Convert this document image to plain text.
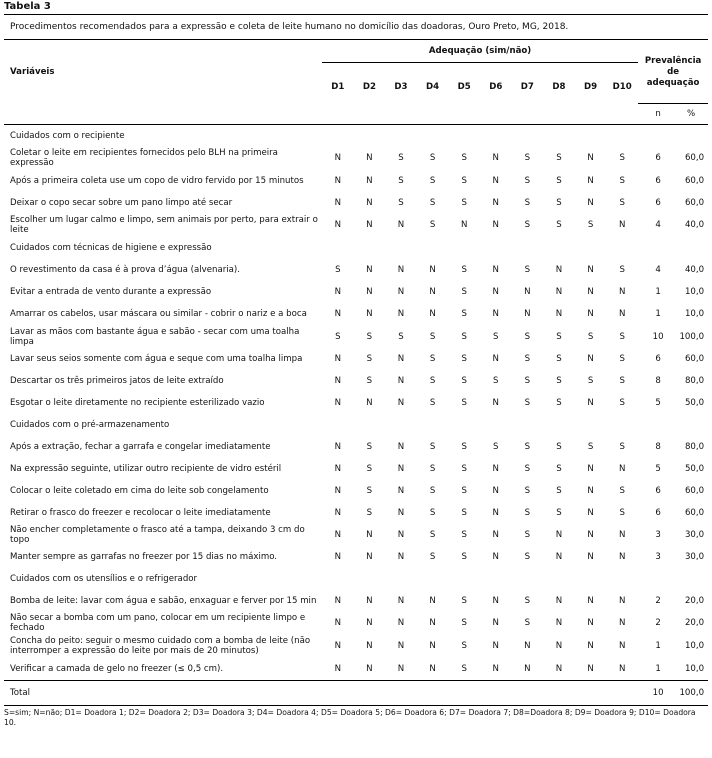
Tabela 3
Procedimentos recomendados para a expressão e coleta de leite humano no domicílio das doadoras, Ouro Preto, MG, 2018.
Variáveis	Adequação (sim/não)										Prevalência
de
adequação	

	D1	D2	D3	D4	D5	D6	D7	D8	D9	D10		
											n	%
Cuidados com o recipiente												
Coletar o leite em recipientes fornecidos pelo BLH na primeira expressão	N	N	S	S	S	N	S	S	N	S	6	60,0
Após a primeira coleta use um copo de vidro fervido por 15 minutos	N	N	S	S	S	N	S	S	N	S	6	60,0
Deixar o copo secar sobre um pano limpo até secar	N	N	S	S	S	N	S	S	N	S	6	60,0
Escolher um lugar calmo e limpo, sem animais por perto, para extrair o leite	N	N	N	S	N	N	S	S	S	N	4	40,0
Cuidados com técnicas de higiene e expressão												
O revestimento da casa é à prova d’água (alvenaria).	S	N	N	N	S	N	S	N	N	S	4	40,0
Evitar a entrada de vento durante a expressão	N	N	N	N	S	N	N	N	N	N	1	10,0
Amarrar os cabelos, usar máscara ou similar - cobrir o nariz e a boca	N	N	N	N	S	N	N	N	N	N	1	10,0
Lavar as mãos com bastante água e sabão - secar com uma toalha limpa	S	S	S	S	S	S	S	S	S	S	10	100,0
Lavar seus seios somente com água e seque com uma toalha limpa	N	S	N	S	S	N	S	S	N	S	6	60,0
Descartar os três primeiros jatos de leite extraído	N	S	N	S	S	S	S	S	S	S	8	80,0
Esgotar o leite diretamente no recipiente esterilizado vazio	N	N	N	S	S	N	S	S	N	S	5	50,0
Cuidados com o pré-armazenamento												
Após a extração, fechar a garrafa e congelar imediatamente	N	S	N	S	S	S	S	S	S	S	8	80,0
Na expressão seguinte, utilizar outro recipiente de vidro estéril	N	S	N	S	S	N	S	S	N	N	5	50,0
Colocar o leite coletado em cima do leite sob congelamento	N	S	N	S	S	N	S	S	N	S	6	60,0
Retirar o frasco do freezer e recolocar o leite imediatamente	N	S	N	S	S	N	S	S	N	S	6	60,0
Não encher completamente o frasco até a tampa, deixando 3 cm do topo	N	N	N	S	S	N	S	N	N	N	3	30,0
Manter sempre as garrafas no freezer por 15 dias no máximo.	N	N	N	S	S	N	S	N	N	N	3	30,0
Cuidados com os utensílios e o refrigerador												
Bomba de leite: lavar com água e sabão, enxaguar e ferver por 15 min	N	N	N	N	S	N	S	N	N	N	2	20,0
Não secar a bomba com um pano, colocar em um recipiente limpo e fechado	N	N	N	N	S	N	S	N	N	N	2	20,0
Concha do peito: seguir o mesmo cuidado com a bomba de leite (não interromper a expressão do leite por mais de 20 minutos)	N	N	N	N	S	N	N	N	N	N	1	10,0
Verificar a camada de gelo no freezer (≤ 0,5 cm).	N	N	N	N	S	N	N	N	N	N	1	10,0
Total											10	100,0
S=sim; N=não; D1= Doadora 1; D2= Doadora 2; D3= Doadora 3; D4= Doadora 4; D5= Doadora 5; D6= Doadora 6; D7= Doadora 7; D8=Doadora 8; D9= Doadora 9; D10= Doadora 10.
